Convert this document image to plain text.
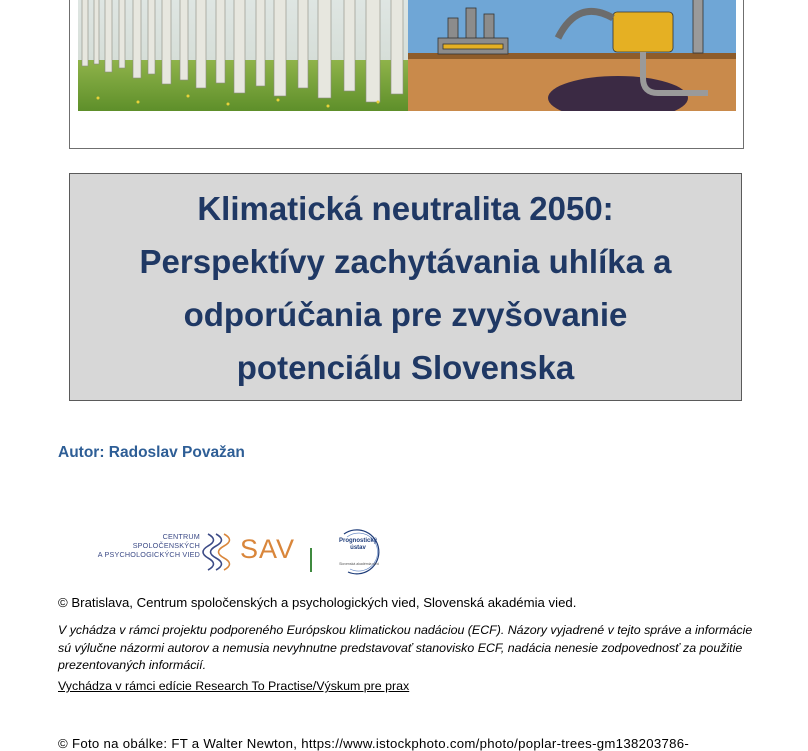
Klimatická neutralita 2050:
Perspektívy zachytávania uhlíka a
odporúčania pre zvyšovanie
potenciálu Slovenska
Autor: Radoslav Považan
CENTRUM
SPOLOČENSKÝCH
A PSYCHOLOGICKÝCH VIED SAV	Prognostický
ústav
Slovenská akadémia vied
© Bratislava, Centrum spoločenských a psychologických vied, Slovenská akadémia vied.
V ychádza v rámci projektu podporeného Európskou klimatickou nadáciou (ECF). Názory vyjadrené v tejto správe a informácie sú výlučne názormi autorov a nemusia nevyhnutne predstavovať stanovisko ECF, nadácia nenesie zodpovednosť za použitie prezentovaných informácií.
Vychádza v rámci edície Research To Practise/Výskum pre prax
© Foto na obálke: FT a Walter Newton, https://www.istockphoto.com/photo/poplar-trees-gm138203786-
